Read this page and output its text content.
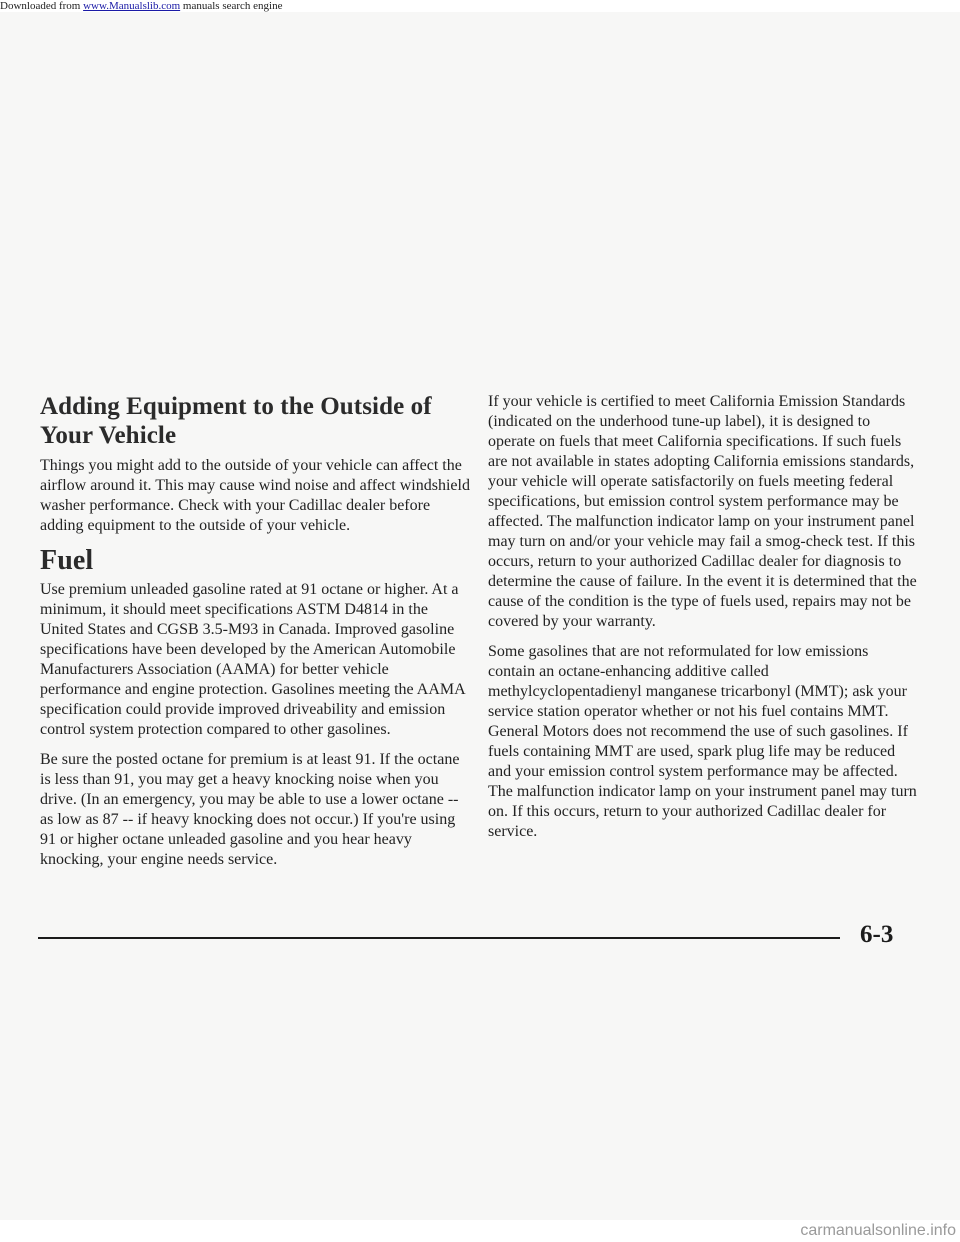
Downloaded from www.Manualslib.com manuals search engine
Adding Equipment to the Outside of Your Vehicle

Things you might add to the outside of your vehicle can affect the airflow around it. This may cause wind noise and affect windshield washer performance. Check with your Cadillac dealer before adding equipment to the outside of your vehicle.

Fuel

Use premium unleaded gasoline rated at 91 octane or higher. At a minimum, it should meet specifications ASTM D4814 in the United States and CGSB 3.5-M93 in Canada. Improved gasoline specifications have been developed by the American Automobile Manufacturers Association (AAMA) for better vehicle performance and engine protection. Gasolines meeting the AAMA specification could provide improved driveability and emission control system protection compared to other gasolines.

Be sure the posted octane for premium is at least 91. If the octane is less than 91, you may get a heavy knocking noise when you drive. (In an emergency, you may be able to use a lower octane -- as low as 87 -- if heavy knocking does not occur.) If you're using 91 or higher octane unleaded gasoline and you hear heavy knocking, your engine needs service.

If your vehicle is certified to meet California Emission Standards (indicated on the underhood tune-up label), it is designed to operate on fuels that meet California specifications. If such fuels are not available in states adopting California emissions standards, your vehicle will operate satisfactorily on fuels meeting federal specifications, but emission control system performance may be affected. The malfunction indicator lamp on your instrument panel may turn on and/or your vehicle may fail a smog-check test. If this occurs, return to your authorized Cadillac dealer for diagnosis to determine the cause of failure. In the event it is determined that the cause of the condition is the type of fuels used, repairs may not be covered by your warranty.

Some gasolines that are not reformulated for low emissions contain an octane-enhancing additive called methylcyclopentadienyl manganese tricarbonyl (MMT); ask your service station operator whether or not his fuel contains MMT. General Motors does not recommend the use of such gasolines. If fuels containing MMT are used, spark plug life may be reduced and your emission control system performance may be affected. The malfunction indicator lamp on your instrument panel may turn on. If this occurs, return to your authorized Cadillac dealer for service.

6-3
carmanualsonline.info
